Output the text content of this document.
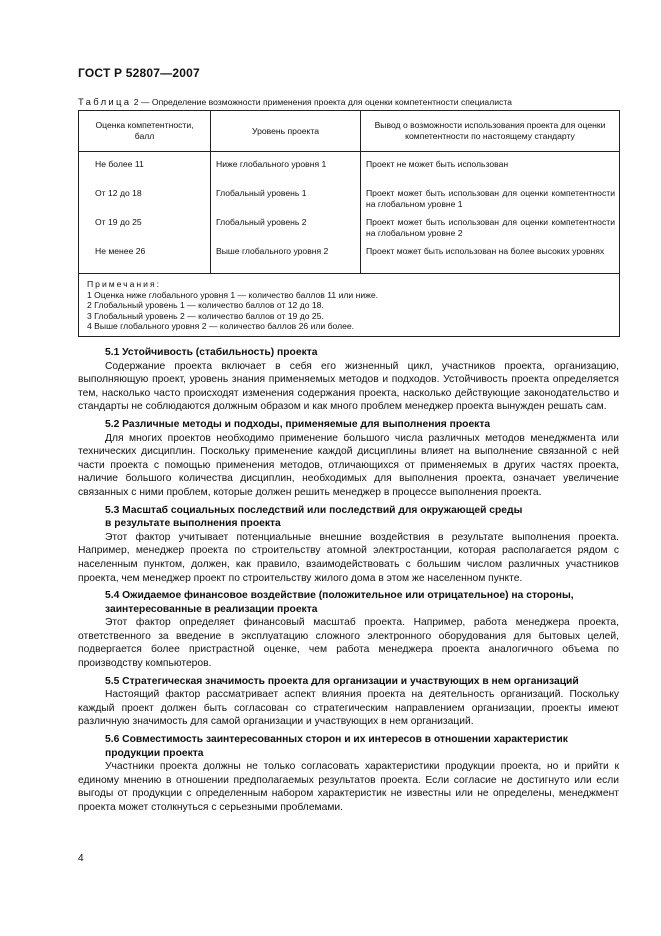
ГОСТ Р 52807—2007
Таблица 2 — Определение возможности применения проекта для оценки компетентности специалиста
Оценка компетентности, балл	Уровень проекта	Вывод о возможности использования проекта для оценки компетентности по настоящему стандарту

Не более 11	Ниже глобального уровня 1	Проект не может быть использован
От 12 до 18	Глобальный уровень 1	Проект может быть использован для оценки компетентности на глобальном уровне 1
От 19 до 25	Глобальный уровень 2	Проект может быть использован для оценки компетентности на глобальном уровне 2
Не менее 26	Выше глобального уровня 2	Проект может быть использован на более высоких уровнях

Примечания:
1 Оценка ниже глобального уровня 1 — количество баллов 11 или ниже.
2 Глобальный уровень 1 — количество баллов от 12 до 18.
3 Глобальный уровень 2 — количество баллов от 19 до 25.
4 Выше глобального уровня 2 — количество баллов 26 или более.		
5.1 Устойчивость (стабильность) проекта

Содержание проекта включает в себя его жизненный цикл, участников проекта, организацию, выполняющую проект, уровень знания применяемых методов и подходов. Устойчивость проекта определяется тем, насколько часто происходят изменения содержания проекта, насколько действующие законодательство и стандарты не соблюдаются должным образом и как много проблем менеджер проекта вынужден решать сам.

5.2 Различные методы и подходы, применяемые для выполнения проекта

Для многих проектов необходимо применение большого числа различных методов менеджмента или технических дисциплин. Поскольку применение каждой дисциплины влияет на выполнение связанной с ней части проекта с помощью применения методов, отличающихся от применяемых в других частях проекта, наличие большого количества дисциплин, необходимых для выполнения проекта, означает увеличение связанных с ними проблем, которые должен решить менеджер в процессе выполнения проекта.

5.3 Масштаб социальных последствий или последствий для окружающей среды
в результате выполнения проекта

Этот фактор учитывает потенциальные внешние воздействия в результате выполнения проекта. Например, менеджер проекта по строительству атомной электростанции, которая располагается рядом с населенным пунктом, должен, как правило, взаимодействовать с большим числом различных участников проекта, чем менеджер проект по строительству жилого дома в этом же населенном пункте.

5.4 Ожидаемое финансовое воздействие (положительное или отрицательное) на стороны,
заинтересованные в реализации проекта

Этот фактор определяет финансовый масштаб проекта. Например, работа менеджера проекта, ответственного за введение в эксплуатацию сложного электронного оборудования для бытовых целей, подвергается более пристрастной оценке, чем работа менеджера проекта аналогичного объема по производству компьютеров.

5.5 Стратегическая значимость проекта для организации и участвующих в нем организаций

Настоящий фактор рассматривает аспект влияния проекта на деятельность организаций. Поскольку каждый проект должен быть согласован со стратегическим направлением организации, проекты имеют различную значимость для самой организации и участвующих в нем организаций.

5.6 Совместимость заинтересованных сторон и их интересов в отношении характеристик
продукции проекта

Участники проекта должны не только согласовать характеристики продукции проекта, но и прийти к единому мнению в отношении предполагаемых результатов проекта. Если согласие не достигнуто или если выгоды от продукции с определенным набором характеристик не известны или не определены, менеджмент проекта может столкнуться с серьезными проблемами.

4
